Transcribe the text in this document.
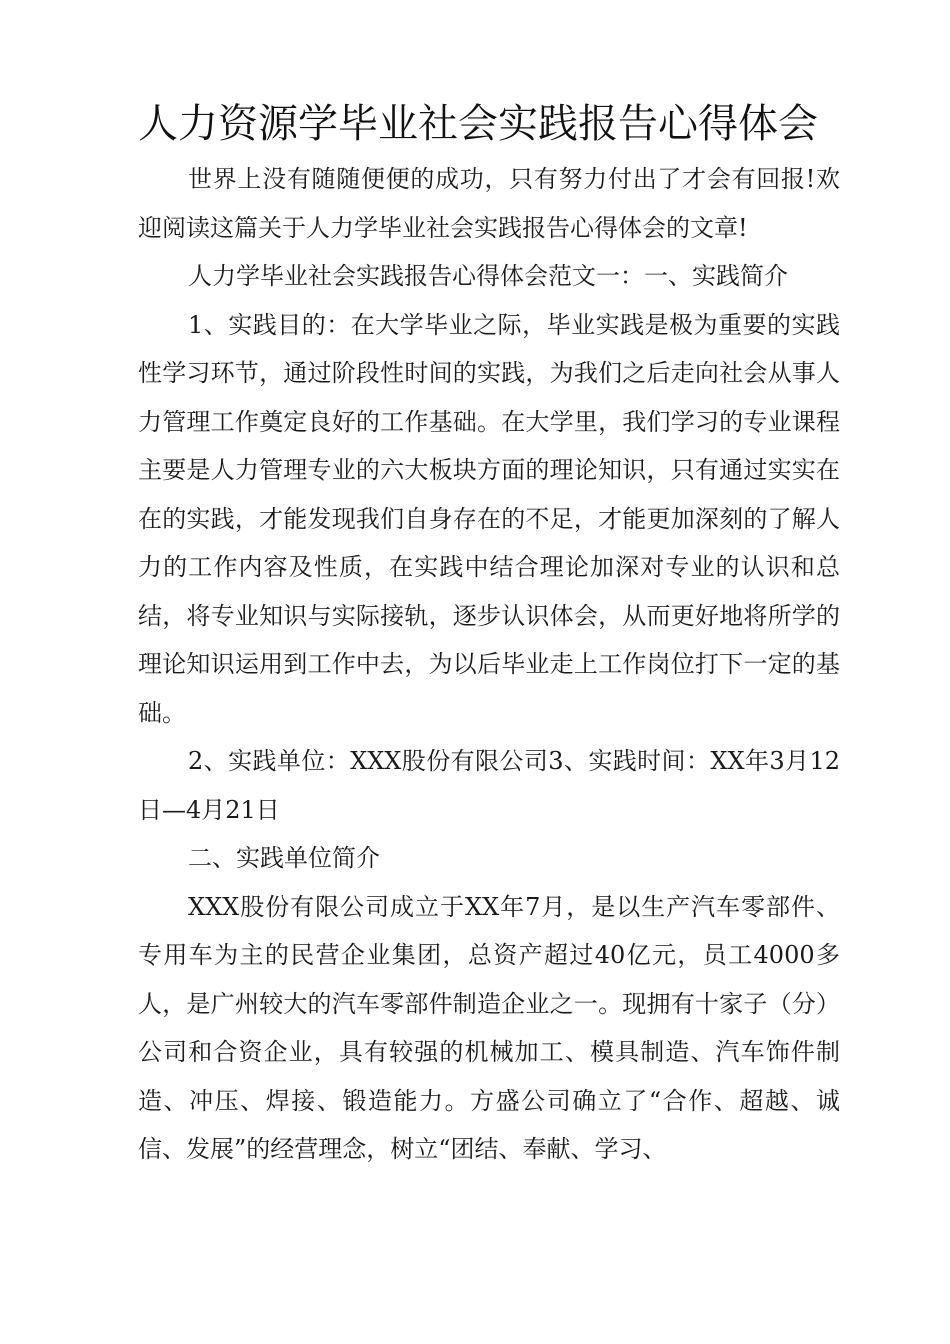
人力资源学毕业社会实践报告心得体会

世界上没有随随便便的成功，只有努力付出了才会有回报!欢迎阅读这篇关于人力学毕业社会实践报告心得体会的文章!

人力学毕业社会实践报告心得体会范文一：一、实践简介

1、实践目的：在大学毕业之际，毕业实践是极为重要的实践性学习环节，通过阶段性时间的实践，为我们之后走向社会从事人力管理工作奠定良好的工作基础。在大学里，我们学习的专业课程主要是人力管理专业的六大板块方面的理论知识，只有通过实实在在的实践，才能发现我们自身存在的不足，才能更加深刻的了解人力的工作内容及性质，在实践中结合理论加深对专业的认识和总结，将专业知识与实际接轨，逐步认识体会，从而更好地将所学的理论知识运用到工作中去，为以后毕业走上工作岗位打下一定的基础。

2、实践单位：XXX股份有限公司3、实践时间：XX年3月12日—4月21日

二、实践单位简介

XXX股份有限公司成立于XX年7月，是以生产汽车零部件、专用车为主的民营企业集团，总资产超过40亿元，员工4000多人，是广州较大的汽车零部件制造企业之一。现拥有十家子（分）公司和合资企业，具有较强的机械加工、模具制造、汽车饰件制造、冲压、焊接、锻造能力。方盛公司确立了“合作、超越、诚信、发展”的经营理念，树立“团结、奉献、学习、
